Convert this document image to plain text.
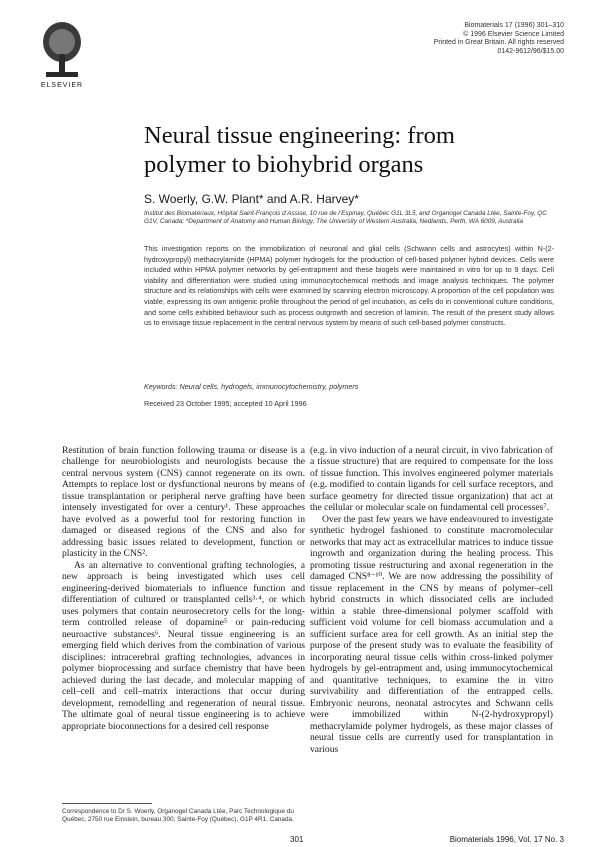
ELSEVIER
Biomaterials 17 (1996) 301–310
© 1996 Elsevier Science Limited
Printed in Great Britain. All rights reserved
0142-9612/96/$15.00
Neural tissue engineering: from polymer to biohybrid organs
S. Woerly, G.W. Plant* and A.R. Harvey*
Institut des Biomatériaux, Hôpital Saint-François d’Assise, 10 rue de l’Espinay, Québec G1L 3L5, and Organogel Canada Ltée, Sainte-Foy, QC G1V, Canada; *Department of Anatomy and Human Biology, The University of Western Australia, Nedlands, Perth, WA 6009, Australia
This investigation reports on the immobilization of neuronal and glial cells (Schwann cells and astrocytes) within N-(2-hydroxypropyl) methacrylamide (HPMA) polymer hydrogels for the production of cell-based polymer hybrid devices. Cells were included within HPMA polymer networks by gel-entrapment and these biogels were maintained in vitro for up to 9 days. Cell viability and differentiation were studied using immunocytochemical methods and image analysis techniques. The polymer structure and its relationships with cells were examined by scanning electron microscopy. A proportion of the cell population was viable, expressing its own antigenic profile throughout the period of gel incubation, as cells do in conventional culture conditions, and some cells exhibited behaviour such as process outgrowth and secretion of laminin. The result of the present study allows us to envisage tissue replacement in the central nervous system by means of such cell-based polymer constructs.
Keywords: Neural cells, hydrogels, immunocytochemistry, polymers
Received 23 October 1995; accepted 10 April 1996

Restitution of brain function following trauma or disease is a challenge for neurobiologists and neurologists because the central nervous system (CNS) cannot regenerate on its own. Attempts to replace lost or dysfunctional neurons by means of tissue transplantation or peripheral nerve grafting have been intensely investigated for over a century¹. These approaches have evolved as a powerful tool for restoring function in damaged or diseased regions of the CNS and also for addressing basic issues related to development, function or plasticity in the CNS².

As an alternative to conventional grafting technologies, a new approach is being investigated which uses cell engineering-derived biomaterials to influence function and differentiation of cultured or transplanted cells³·⁴, or which uses polymers that contain neurosecretory cells for the long-term controlled release of dopamine⁵ or pain-reducing neuroactive substances⁶. Neural tissue engineering is an emerging field which derives from the combination of various disciplines: intracerebral grafting technologies, advances in polymer bioprocessing and surface chemistry that have been achieved during the last decade, and molecular mapping of cell–cell and cell–matrix interactions that occur during development, remodelling and regeneration of neural tissue. The ultimate goal of neural tissue engineering is to achieve appropriate bioconnections for a desired cell response

(e.g. in vivo induction of a neural circuit, in vivo fabrication of a tissue structure) that are required to compensate for the loss of tissue function. This involves engineered polymer materials (e.g. modified to contain ligands for cell surface receptors, and surface geometry for directed tissue organization) that act at the cellular or molecular scale on fundamental cell processes⁷.

Over the past few years we have endeavoured to investigate synthetic hydrogel fashioned to constitute macromolecular networks that may act as extracellular matrices to induce tissue ingrowth and organization during the healing process. This promoting tissue restructuring and axonal regeneration in the damaged CNS⁸⁻¹⁰. We are now addressing the possibility of tissue replacement in the CNS by means of polymer–cell hybrid constructs in which dissociated cells are included within a stable three-dimensional polymer scaffold with sufficient void volume for cell biomass accumulation and a sufficient surface area for cell growth. As an initial step the purpose of the present study was to evaluate the feasibility of incorporating neural tissue cells within cross-linked polymer hydrogels by gel-entrapment and, using immunocytochemical and quantitative techniques, to examine the in vitro survivability and differentiation of the entrapped cells. Embryonic neurons, neonatal astrocytes and Schwann cells were immobilized within N-(2-hydroxypropyl) methacrylamide polymer hydrogels, as these major classes of neural tissue cells are currently used for transplantation in various

Correspondence to Dr S. Woerly, Organogel Canada Ltée, Parc Technologique du Québec, 2750 rue Einstein, bureau 300, Sainte-Foy (Québec), G1P 4R1, Canada.
301	Biomaterials 1996, Vol. 17 No. 3
